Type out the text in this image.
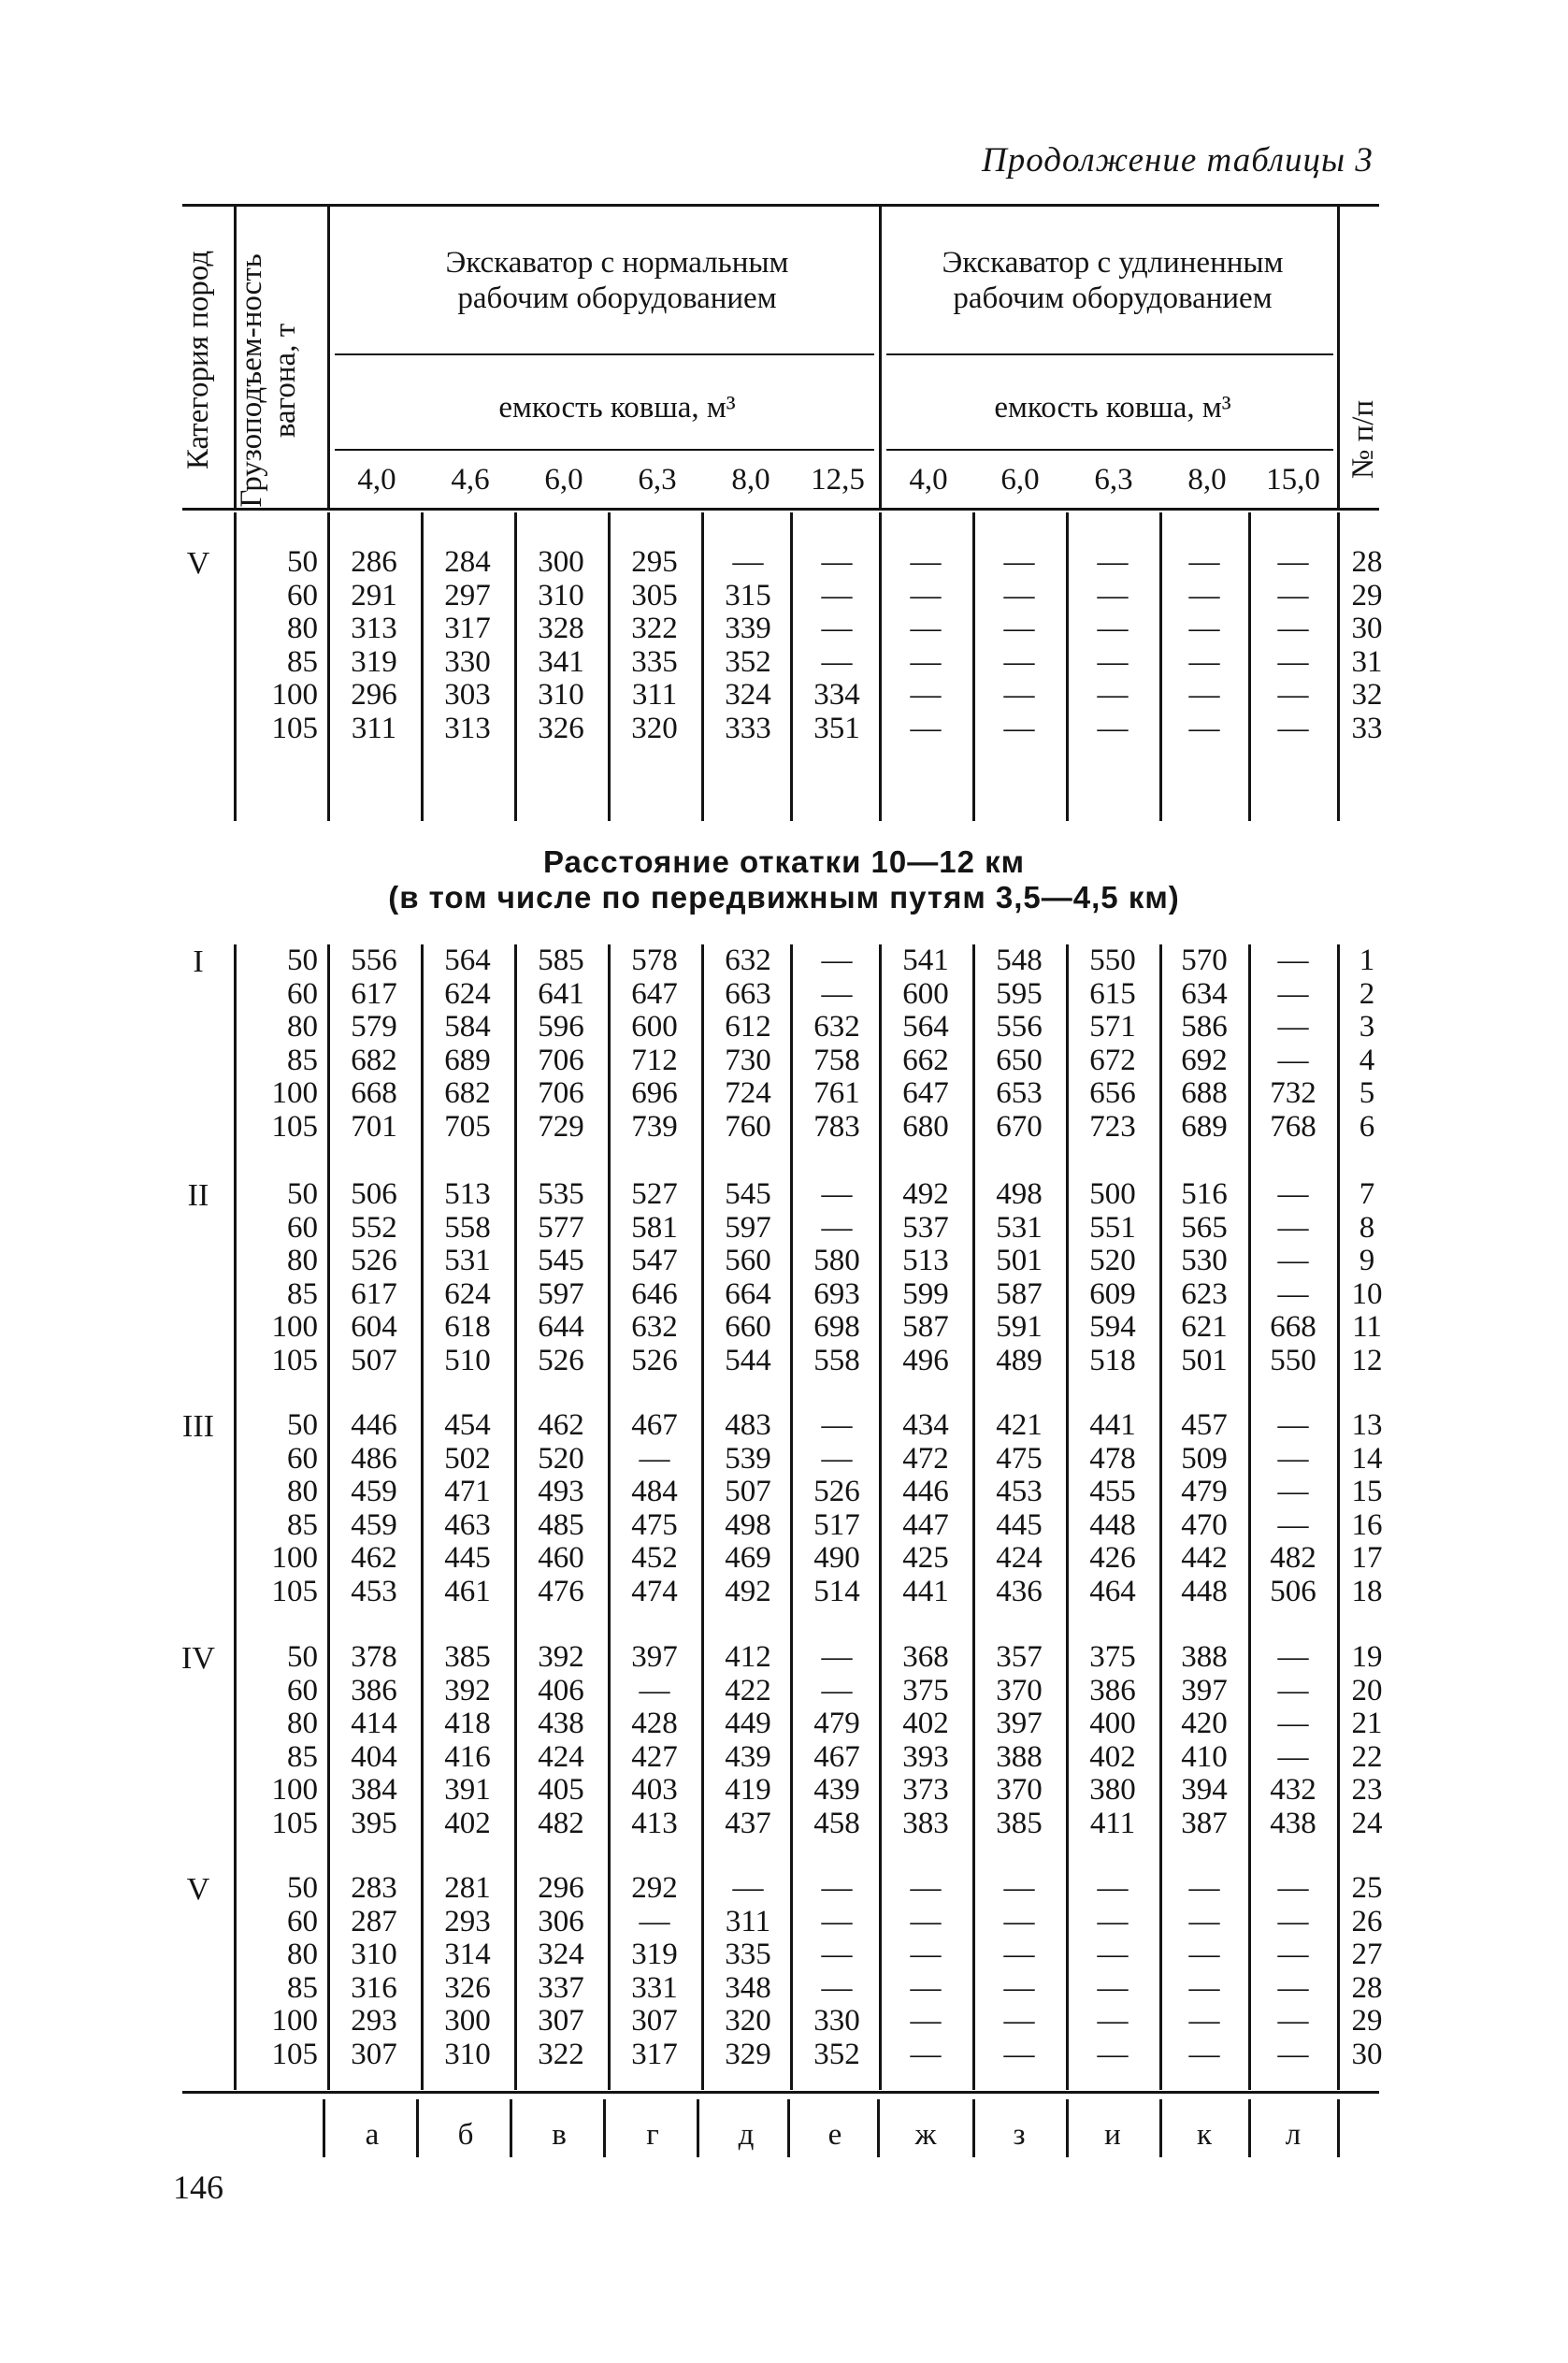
Продолжение таблицы 3
Категория пород Грузоподъем-ность вагона, т
№ п/п
Экскаватор с нормальным рабочим оборудованием
Экскаватор с удлиненным рабочим оборудованием
емкость ковша, м³	емкость ковша, м³
4,0	4,6	6,0	6,3	8,0	12,5	4,0	6,0	6,3	8,0	15,0
Расстояние откатки 10—12 км
(в том числе по передвижным путям 3,5—4,5 км)
а	б	в	г	д	е	ж	з	и	к	л
146
V	50	286	284	300	295	—	—	—	—	—	—	—	28
60	291	297	310	305	315	—	—	—	—	—	—	29
80	313	317	328	322	339	—	—	—	—	—	—	30
85	319	330	341	335	352	—	—	—	—	—	—	31
100	296	303	310	311	324	334	—	—	—	—	—	32
105	311	313	326	320	333	351	—	—	—	—	—	33
I	50	556	564	585	578	632	—	541	548	550	570	—	1
60	617	624	641	647	663	—	600	595	615	634	—	2
80	579	584	596	600	612	632	564	556	571	586	—	3
85	682	689	706	712	730	758	662	650	672	692	—	4
100	668	682	706	696	724	761	647	653	656	688	732	5
105	701	705	729	739	760	783	680	670	723	689	768	6
II	50	506	513	535	527	545	—	492	498	500	516	—	7
60	552	558	577	581	597	—	537	531	551	565	—	8
80	526	531	545	547	560	580	513	501	520	530	—	9
85	617	624	597	646	664	693	599	587	609	623	—	10
100	604	618	644	632	660	698	587	591	594	621	668	11
105	507	510	526	526	544	558	496	489	518	501	550	12
III	50	446	454	462	467	483	—	434	421	441	457	—	13
60	486	502	520	—	539	—	472	475	478	509	—	14
80	459	471	493	484	507	526	446	453	455	479	—	15
85	459	463	485	475	498	517	447	445	448	470	—	16
100	462	445	460	452	469	490	425	424	426	442	482	17
105	453	461	476	474	492	514	441	436	464	448	506	18
IV	50	378	385	392	397	412	—	368	357	375	388	—	19
60	386	392	406	—	422	—	375	370	386	397	—	20
80	414	418	438	428	449	479	402	397	400	420	—	21
85	404	416	424	427	439	467	393	388	402	410	—	22
100	384	391	405	403	419	439	373	370	380	394	432	23
105	395	402	482	413	437	458	383	385	411	387	438	24
V	50	283	281	296	292	—	—	—	—	—	—	—	25
60	287	293	306	—	311	—	—	—	—	—	—	26
80	310	314	324	319	335	—	—	—	—	—	—	27
85	316	326	337	331	348	—	—	—	—	—	—	28
100	293	300	307	307	320	330	—	—	—	—	—	29
105	307	310	322	317	329	352	—	—	—	—	—	30
